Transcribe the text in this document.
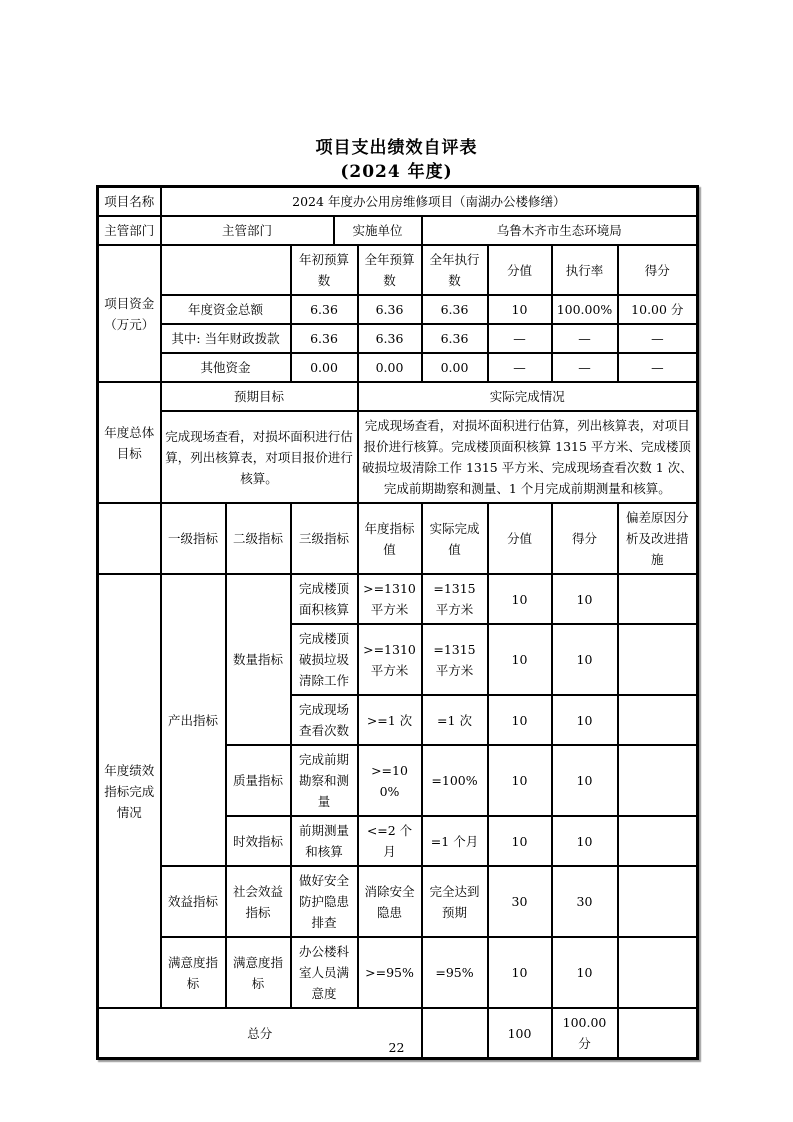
项目支出绩效自评表
(2024 年度)
项目名称	2024 年度办公用房维修项目（南湖办公楼修缮）								
主管部门	主管部门			实施单位		乌鲁木齐市生态环境局			
项目资金（万元）			年初预算数		全年预算数	全年执行数	分值	执行率	得分
	年度资金总额		6.36		6.36	6.36	10	100.00%	10.00 分
	其中: 当年财政拨款		6.36		6.36	6.36	—	—	—
	其他资金		0.00		0.00	0.00	—	—	—
年度总体目标	预期目标				实际完成情况				
	完成现场查看，对损坏面积进行估算，列出核算表，对项目报价进行核算。				完成现场查看，对损坏面积进行估算，列出核算表，对项目报价进行核算。完成楼顶面积核算 1315 平方米、完成楼顶破损垃圾清除工作 1315 平方米、完成现场查看次数 1 次、完成前期勘察和测量、1 个月完成前期测量和核算。				
	一级指标	二级指标	三级指标		年度指标值	实际完成值	分值	得分	偏差原因分析及改进措施
年度绩效指标完成情况	产出指标	数量指标	完成楼顶面积核算		>=1310 平方米	=1315 平方米	10	10	
			完成楼顶破损垃圾清除工作		>=1310 平方米	=1315 平方米	10	10	
			完成现场查看次数		>=1 次	=1 次	10	10	
		质量指标	完成前期勘察和测量		>=100%	=100%	10	10	
		时效指标	前期测量和核算		<=2 个月	=1 个月	10	10	
	效益指标	社会效益指标	做好安全防护隐患排查		消除安全隐患	完全达到预期	30	30	
	满意度指标	满意度指标	办公楼科室人员满意度		>=95%	=95%	10	10	
总分							100	100.00 分	
22
